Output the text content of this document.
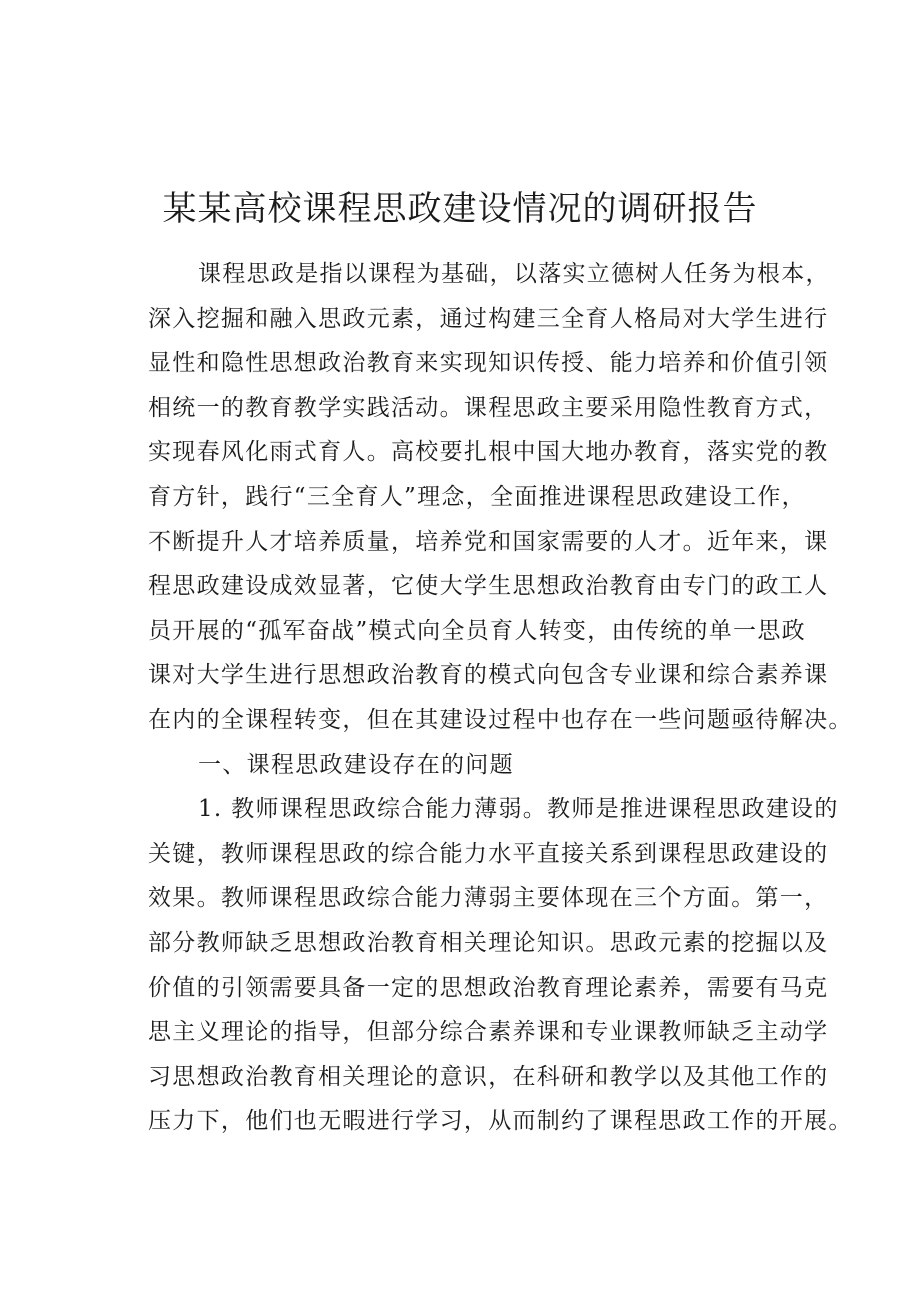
某某高校课程思政建设情况的调研报告
课程思政是指以课程为基础，以落实立德树人任务为根本，
深入挖掘和融入思政元素，通过构建三全育人格局对大学生进行
显性和隐性思想政治教育来实现知识传授、能力培养和价值引领
相统一的教育教学实践活动。课程思政主要采用隐性教育方式，
实现春风化雨式育人。高校要扎根中国大地办教育，落实党的教
育方针，践行“三全育人”理念，全面推进课程思政建设工作，
不断提升人才培养质量，培养党和国家需要的人才。近年来，课
程思政建设成效显著，它使大学生思想政治教育由专门的政工人
员开展的“孤军奋战”模式向全员育人转变，由传统的单一思政
课对大学生进行思想政治教育的模式向包含专业课和综合素养课
在内的全课程转变，但在其建设过程中也存在一些问题亟待解决。
一、课程思政建设存在的问题
1. 教师课程思政综合能力薄弱。教师是推进课程思政建设的
关键，教师课程思政的综合能力水平直接关系到课程思政建设的
效果。教师课程思政综合能力薄弱主要体现在三个方面。第一，
部分教师缺乏思想政治教育相关理论知识。思政元素的挖掘以及
价值的引领需要具备一定的思想政治教育理论素养，需要有马克
思主义理论的指导，但部分综合素养课和专业课教师缺乏主动学
习思想政治教育相关理论的意识，在科研和教学以及其他工作的
压力下，他们也无暇进行学习，从而制约了课程思政工作的开展。
